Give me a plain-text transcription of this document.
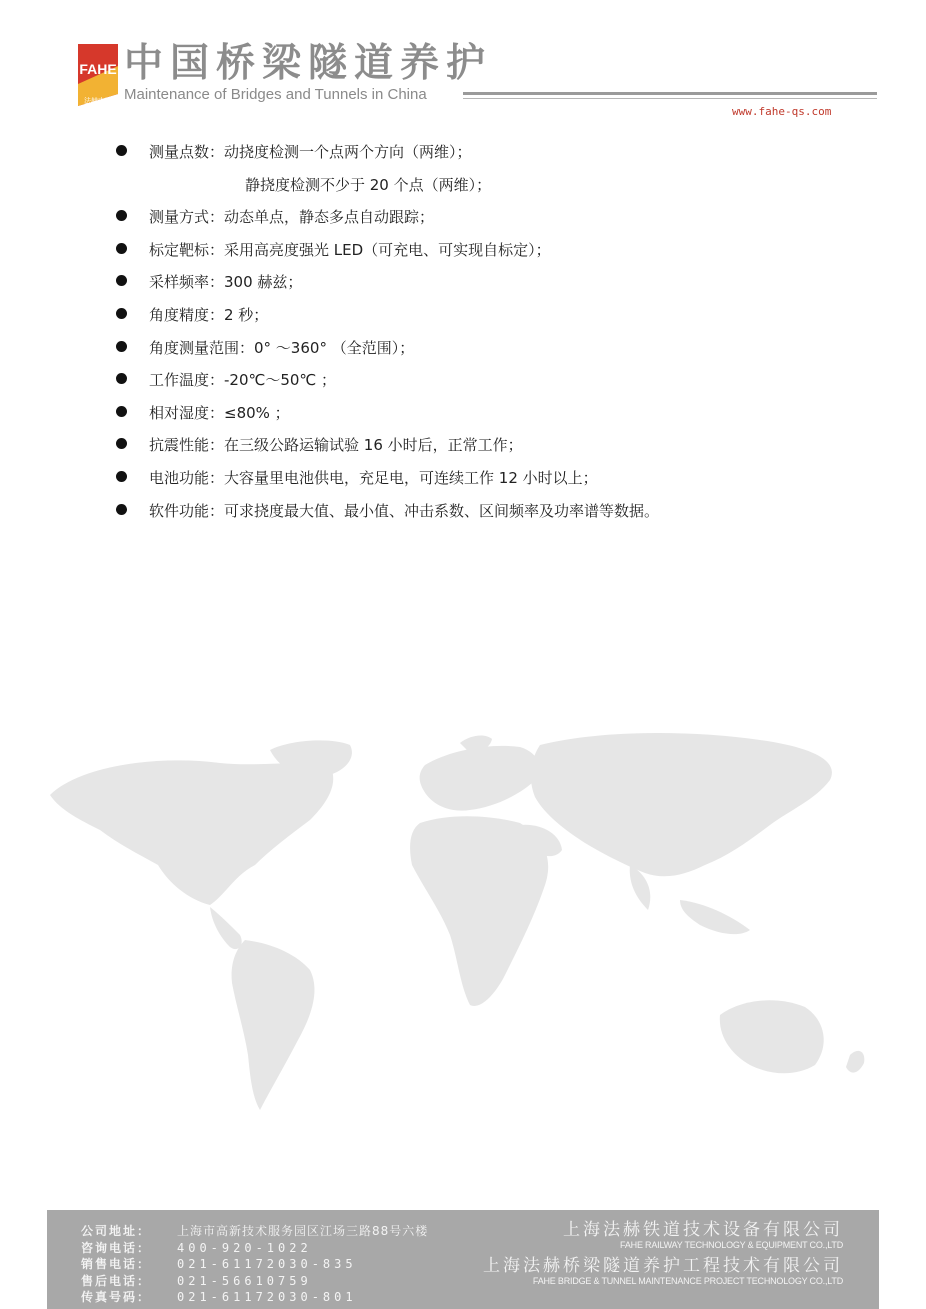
FAHE
法赫中国
中国桥梁隧道养护
Maintenance of Bridges and Tunnels in China
www.fahe-qs.com
测量点数：动挠度检测一个点两个方向（两维）；
静挠度检测不少于 20 个点（两维）；
测量方式：动态单点，静态多点自动跟踪；
标定靶标：采用高亮度强光 LED（可充电、可实现自标定）；
采样频率：300 赫兹；
角度精度：2 秒；
角度测量范围：0° ～360° （全范围）；
工作温度：-20℃～50℃ ；
相对湿度：≤80% ；
抗震性能：在三级公路运输试验 16 小时后，正常工作；
电池功能：大容量里电池供电，充足电，可连续工作 12 小时以上；
软件功能：可求挠度最大值、最小值、冲击系数、区间频率及功率谱等数据。
公司地址： 上海市高新技术服务园区江场三路88号六楼
咨询电话： 400-920-1022
销售电话： 021-61172030-835
售后电话： 021-56610759
传真号码： 021-61172030-801
上海法赫铁道技术设备有限公司
FAHE RAILWAY TECHNOLOGY & EQUIPMENT CO.,LTD
上海法赫桥梁隧道养护工程技术有限公司
FAHE BRIDGE & TUNNEL MAINTENANCE PROJECT TECHNOLOGY CO.,LTD
